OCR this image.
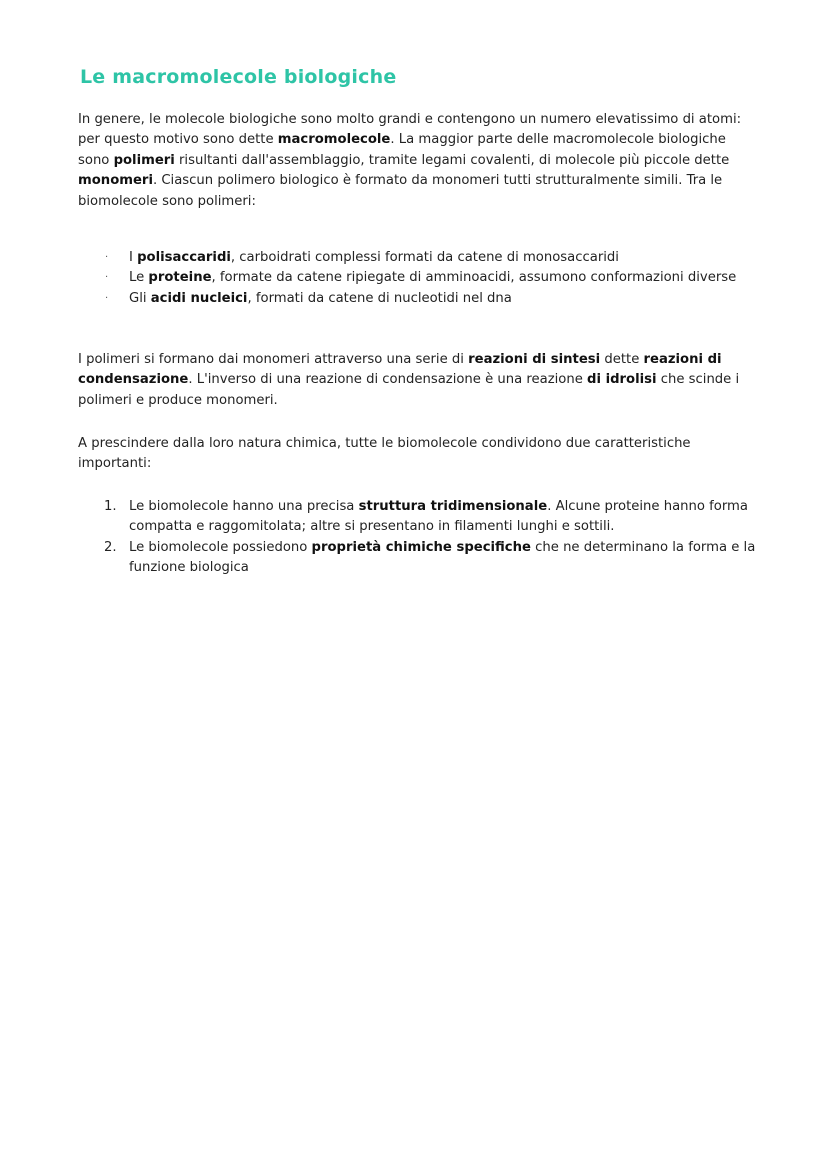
Le macromolecole biologiche

In genere, le molecole biologiche sono molto grandi e contengono un numero elevatissimo di atomi: per questo motivo sono dette macromolecole. La maggior parte delle macromolecole biologiche sono polimeri risultanti dall'assemblaggio, tramite legami covalenti, di molecole più piccole dette monomeri. Ciascun polimero biologico è formato da monomeri tutti strutturalmente simili. Tra le biomolecole sono polimeri:

· I polisaccaridi, carboidrati complessi formati da catene di monosaccaridi
· Le proteine, formate da catene ripiegate di amminoacidi, assumono conformazioni diverse
· Gli acidi nucleici, formati da catene di nucleotidi nel dna

I polimeri si formano dai monomeri attraverso una serie di reazioni di sintesi dette reazioni di condensazione. L'inverso di una reazione di condensazione è una reazione di idrolisi che scinde i polimeri e produce monomeri.

A prescindere dalla loro natura chimica, tutte le biomolecole condividono due caratteristiche importanti:

1. Le biomolecole hanno una precisa struttura tridimensionale. Alcune proteine hanno forma compatta e raggomitolata; altre si presentano in filamenti lunghi e sottili.
2. Le biomolecole possiedono proprietà chimiche specifiche che ne determinano la forma e la funzione biologica
